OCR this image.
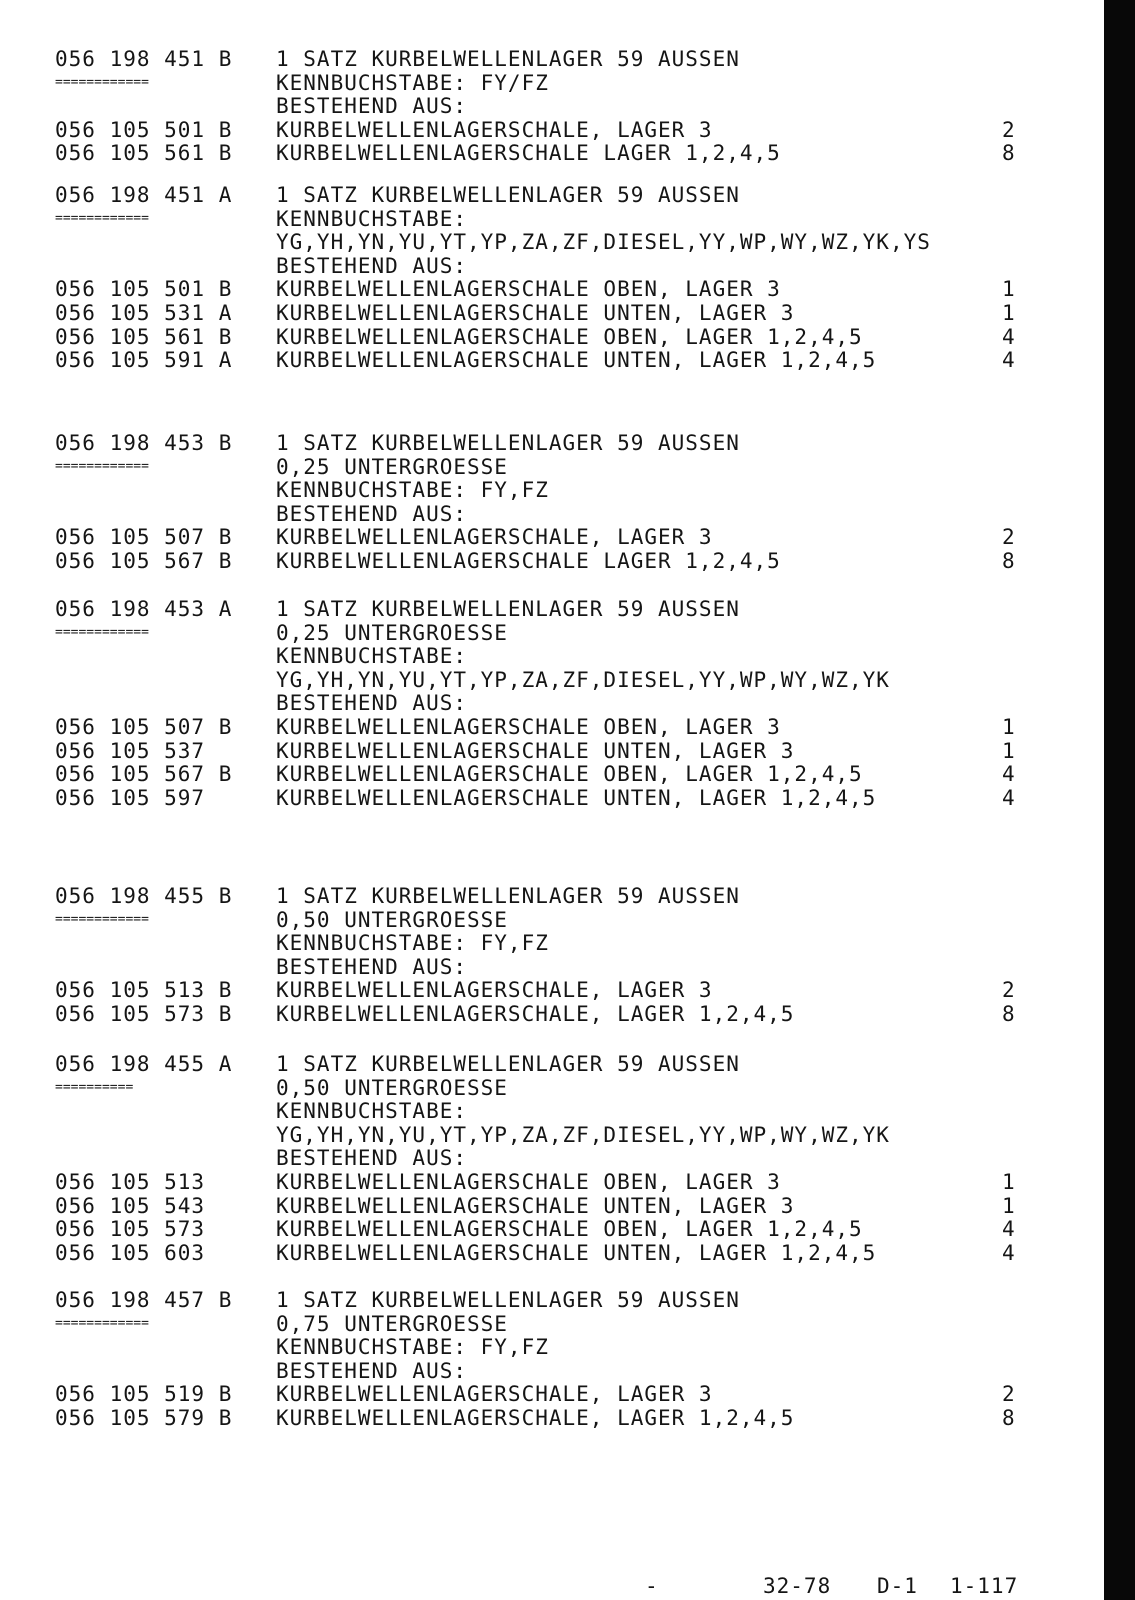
056 198 451 B
============
1 SATZ KURBELWELLENLAGER 59 AUSSEN
KENNBUCHSTABE: FY/FZ
BESTEHEND AUS:
056 105 501 B KURBELWELLENLAGERSCHALE, LAGER 3	2
056 105 561 B KURBELWELLENLAGERSCHALE LAGER 1,2,4,5	8
056 198 451 A
============
1 SATZ KURBELWELLENLAGER 59 AUSSEN
KENNBUCHSTABE:
YG,YH,YN,YU,YT,YP,ZA,ZF,DIESEL,YY,WP,WY,WZ,YK,YS
BESTEHEND AUS:
056 105 501 B KURBELWELLENLAGERSCHALE OBEN, LAGER 3	1
056 105 531 A KURBELWELLENLAGERSCHALE UNTEN, LAGER 3	1
056 105 561 B KURBELWELLENLAGERSCHALE OBEN, LAGER 1,2,4,5	4
056 105 591 A KURBELWELLENLAGERSCHALE UNTEN, LAGER 1,2,4,5	4
056 198 453 B
============
1 SATZ KURBELWELLENLAGER 59 AUSSEN
0,25 UNTERGROESSE
KENNBUCHSTABE: FY,FZ
BESTEHEND AUS:
056 105 507 B KURBELWELLENLAGERSCHALE, LAGER 3	2
056 105 567 B KURBELWELLENLAGERSCHALE LAGER 1,2,4,5	8
056 198 453 A
============
1 SATZ KURBELWELLENLAGER 59 AUSSEN
0,25 UNTERGROESSE
KENNBUCHSTABE:
YG,YH,YN,YU,YT,YP,ZA,ZF,DIESEL,YY,WP,WY,WZ,YK
BESTEHEND AUS:
056 105 507 B KURBELWELLENLAGERSCHALE OBEN, LAGER 3	1
056 105 537	KURBELWELLENLAGERSCHALE UNTEN, LAGER 3	1
056 105 567 B KURBELWELLENLAGERSCHALE OBEN, LAGER 1,2,4,5	4
056 105 597	KURBELWELLENLAGERSCHALE UNTEN, LAGER 1,2,4,5	4
056 198 455 B
============
1 SATZ KURBELWELLENLAGER 59 AUSSEN
0,50 UNTERGROESSE
KENNBUCHSTABE: FY,FZ
BESTEHEND AUS:
056 105 513 B KURBELWELLENLAGERSCHALE, LAGER 3	2
056 105 573 B KURBELWELLENLAGERSCHALE, LAGER 1,2,4,5	8
056 198 455 A
==========
1 SATZ KURBELWELLENLAGER 59 AUSSEN
0,50 UNTERGROESSE
KENNBUCHSTABE:
YG,YH,YN,YU,YT,YP,ZA,ZF,DIESEL,YY,WP,WY,WZ,YK
BESTEHEND AUS:
056 105 513	KURBELWELLENLAGERSCHALE OBEN, LAGER 3	1
056 105 543	KURBELWELLENLAGERSCHALE UNTEN, LAGER 3	1
056 105 573	KURBELWELLENLAGERSCHALE OBEN, LAGER 1,2,4,5	4
056 105 603	KURBELWELLENLAGERSCHALE UNTEN, LAGER 1,2,4,5	4
056 198 457 B
============
1 SATZ KURBELWELLENLAGER 59 AUSSEN
0,75 UNTERGROESSE
KENNBUCHSTABE: FY,FZ
BESTEHEND AUS:
056 105 519 B KURBELWELLENLAGERSCHALE, LAGER 3	2
056 105 579 B KURBELWELLENLAGERSCHALE, LAGER 1,2,4,5	8
-	32-78 D-1 1-117
